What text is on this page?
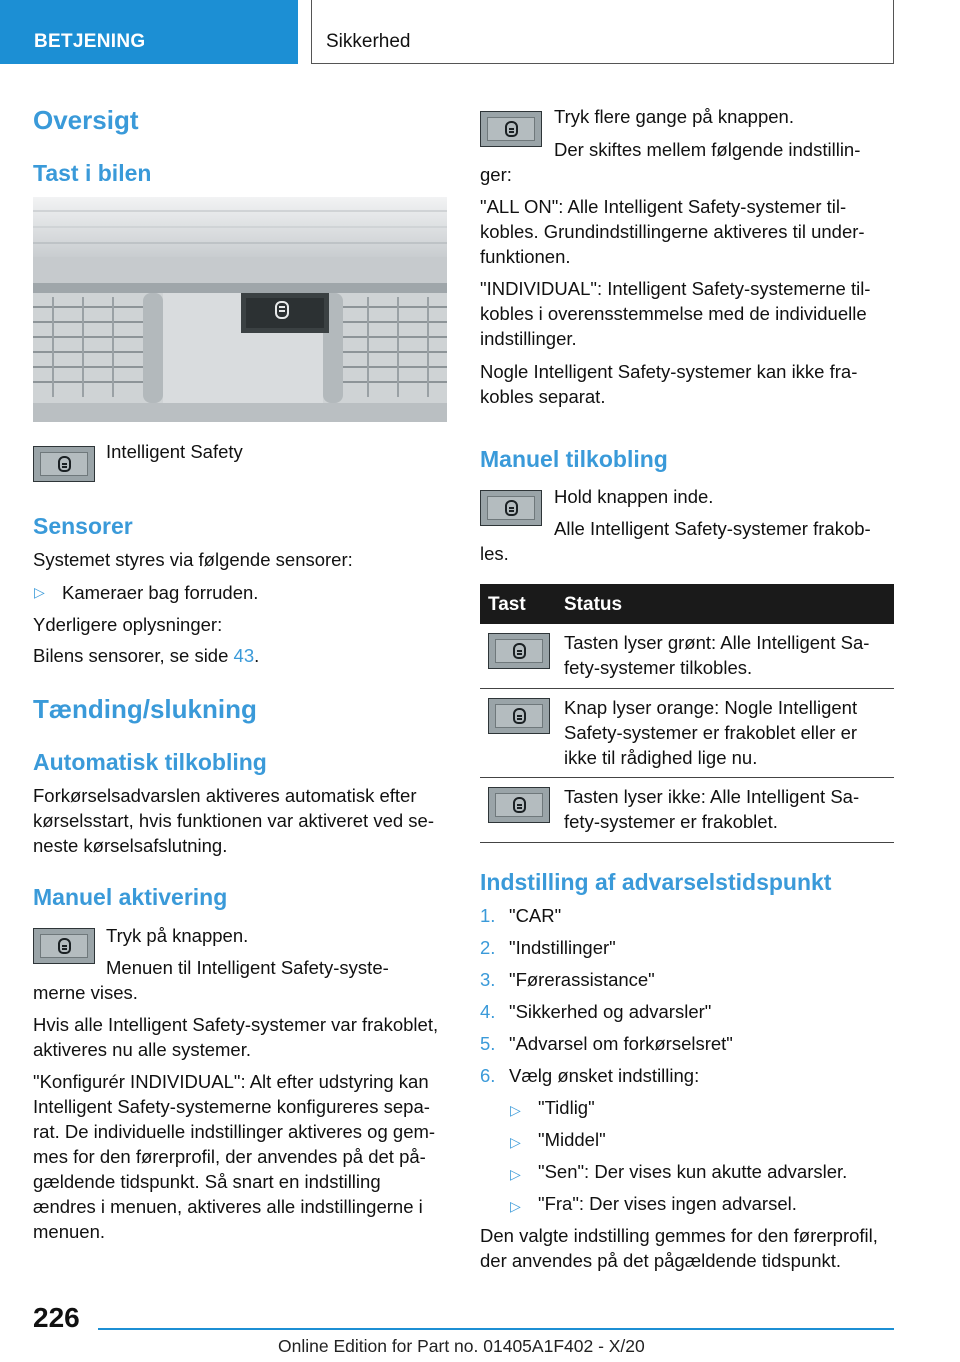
BETJENING	Sikkerhed
Oversigt
Tast i bilen
Intelligent Safety
Sensorer
Systemet styres via følgende sensorer:
▷ Kameraer bag forruden.
Yderligere oplysninger:
Bilens sensorer, se side 43.
Tænding/slukning
Automatisk tilkobling
Forkørselsadvarslen aktiveres automatisk efter
kørselsstart, hvis funktionen var aktiveret ved se-
neste kørselsafslutning.
Manuel aktivering
Tryk på knappen.
Menuen til Intelligent Safety-syste-
merne vises.
Hvis alle Intelligent Safety-systemer var frakoblet,
aktiveres nu alle systemer.
"Konfigurér INDIVIDUAL": Alt efter udstyring kan
Intelligent Safety-systemerne konfigureres sepa-
rat. De individuelle indstillinger aktiveres og gem-
mes for den førerprofil, der anvendes på det på-
gældende tidspunkt. Så snart en indstilling
ændres i menuen, aktiveres alle indstillingerne i
menuen.
Tryk flere gange på knappen.
Der skiftes mellem følgende indstillin-
ger:
"ALL ON": Alle Intelligent Safety-systemer til-
kobles. Grundindstillingerne aktiveres til under-
funktionen.
"INDIVIDUAL": Intelligent Safety-systemerne til-
kobles i overensstemmelse med de individuelle
indstillinger.
Nogle Intelligent Safety-systemer kan ikke fra-
kobles separat.
Manuel tilkobling
Hold knappen inde.
Alle Intelligent Safety-systemer frakob-
les.
Tast Status
Tasten lyser grønt: Alle Intelligent Sa-
fety-systemer tilkobles.
Knap lyser orange: Nogle Intelligent
Safety-systemer er frakoblet eller er
ikke til rådighed lige nu.
Tasten lyser ikke: Alle Intelligent Sa-
fety-systemer er frakoblet.
Indstilling af advarselstidspunkt
1. "CAR"
2. "Indstillinger"
3. "Førerassistance"
4. "Sikkerhed og advarsler"
5. "Advarsel om forkørselsret"
6. Vælg ønsket indstilling:
▷ "Tidlig"
▷ "Middel"
▷ "Sen": Der vises kun akutte advarsler.
▷ "Fra": Der vises ingen advarsel.
Den valgte indstilling gemmes for den førerprofil,
der anvendes på det pågældende tidspunkt.
226
Online Edition for Part no. 01405A1F402 - X/20
